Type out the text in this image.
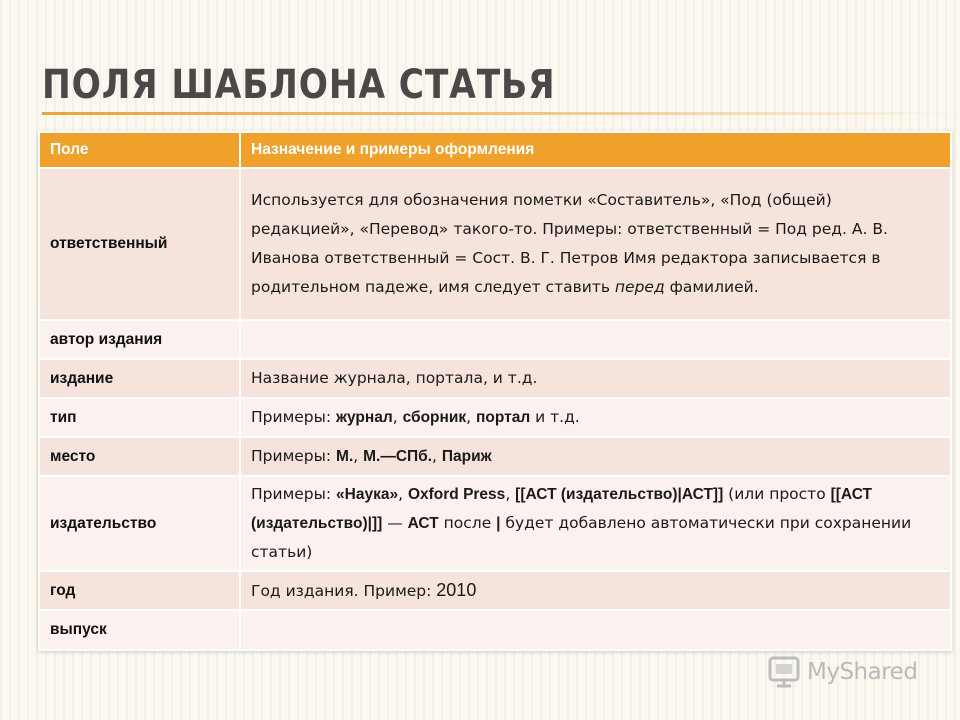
ПОЛЯ ШАБЛОНА СТАТЬЯ
Поле	Назначение и примеры оформления
ответственный	Используется для обозначения пометки «Составитель», «Под (общей) редакцией», «Перевод» такого-то. Примеры: ответственный = Под ред. А. В. Иванова ответственный = Сост. В. Г. Петров Имя редактора записывается в родительном падеже, имя следует ставить перед фамилией.
автор издания	
издание	Название журнала, портала, и т.д.
тип	Примеры: журнал, сборник, портал и т.д.
место	Примеры: М., М.—СПб., Париж
издательство	Примеры: «Наука», Oxford Press, [[АСТ (издательство)|АСТ]] (или просто [[АСТ (издательство)|]] — АСТ после | будет добавлено автоматически при сохранении статьи)
год	Год издания. Пример: 2010
выпуск	
MyShared
